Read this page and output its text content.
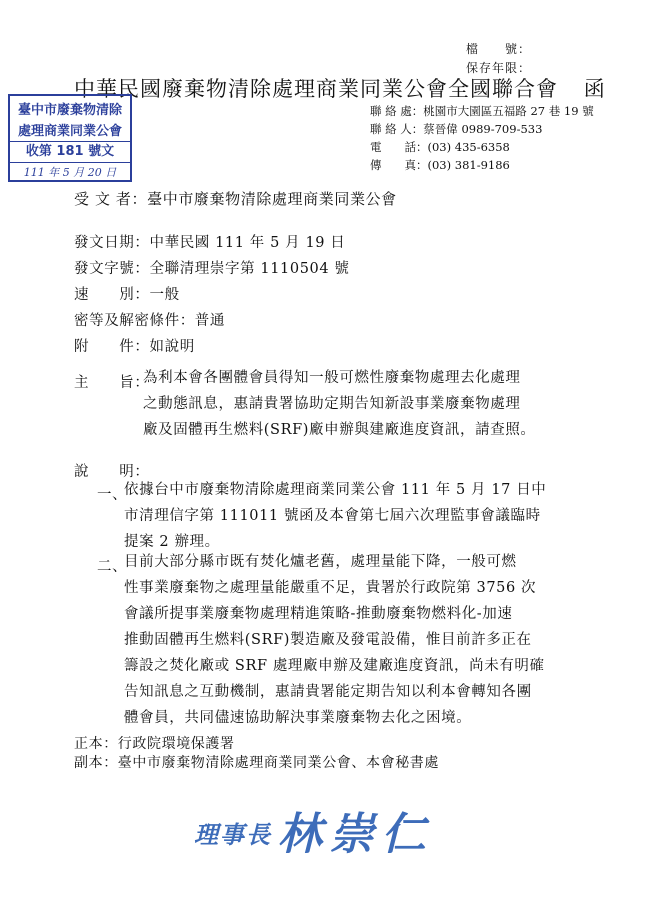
檔　　號：
保存年限：
中華民國廢棄物清除處理商業同業公會全國聯合會 函
聯 絡 處：桃園市大園區五福路 27 巷 19 號
聯 絡 人：蔡晉偉 0989-709-533
電　　話：(03) 435-6358
傳　　真：(03) 381-9186
臺中市廢棄物清除
處理商業同業公會
收第 181 號文
111 年 5 月 20 日
受 文 者：臺中市廢棄物清除處理商業同業公會
發文日期：中華民國 111 年 5 月 19 日
發文字號：全聯清理崇字第 1110504 號
速　　別：一般
密等及解密條件：普通
附　　件：如說明
主　　旨：
為利本會各團體會員得知一般可燃性廢棄物處理去化處理
之動態訊息，惠請貴署協助定期告知新設事業廢棄物處理
廠及固體再生燃料(SRF)廠申辦與建廠進度資訊，請查照。
說　　明：
一、
依據台中市廢棄物清除處理商業同業公會 111 年 5 月 17 日中
市清理信字第 111011 號函及本會第七屆六次理監事會議臨時
提案 2 辦理。
二、
目前大部分縣市既有焚化爐老舊，處理量能下降，一般可燃
性事業廢棄物之處理量能嚴重不足，貴署於行政院第 3756 次
會議所提事業廢棄物處理精進策略-推動廢棄物燃料化-加速
推動固體再生燃料(SRF)製造廠及發電設備，惟目前許多正在
籌設之焚化廠或 SRF 處理廠申辦及建廠進度資訊，尚未有明確
告知訊息之互動機制，惠請貴署能定期告知以利本會轉知各團
體會員，共同儘速協助解決事業廢棄物去化之困境。
正本：行政院環境保護署
副本：臺中市廢棄物清除處理商業同業公會、本會秘書處
理事長 林崇仁
